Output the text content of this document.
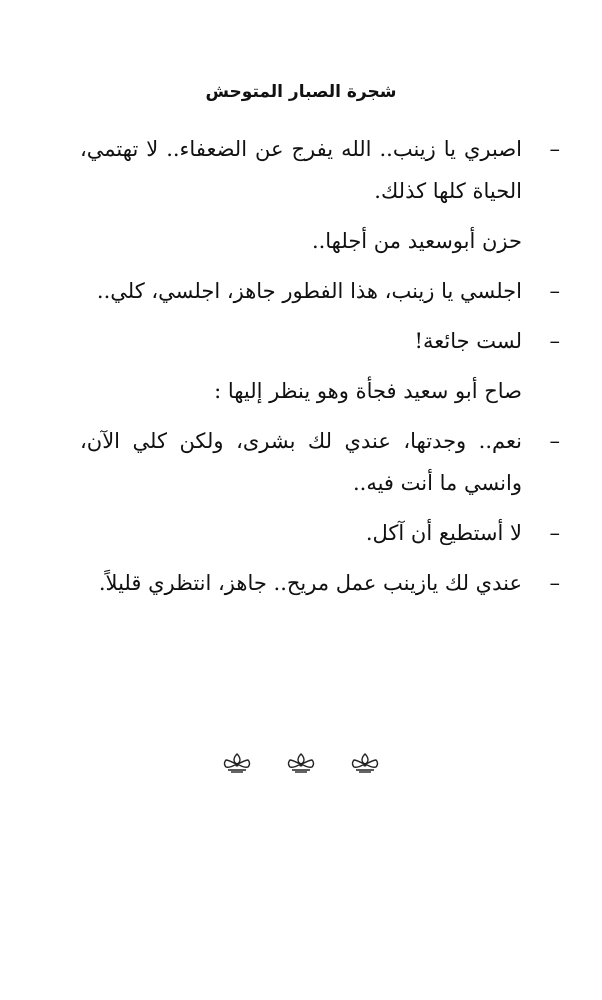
شجرة الصبار المتوحش

–
اصبري يا زينب.. الله يفرج عن الضعفاء.. لا تهتمي، الحياة كلها كذلك.

حزن أبوسعيد من أجلها..

–
اجلسي يا زينب، هذا الفطور جاهز، اجلسي، كلي..

–
لست جائعة!

صاح أبو سعيد فجأة وهو ينظر إليها :

–
نعم.. وجدتها، عندي لك بشرى، ولكن كلي الآن، وانسي ما أنت فيه..

–
لا أستطيع أن آكل.

–
عندي لك يازينب عمل مريح.. جاهز، انتظري قليلاً.
